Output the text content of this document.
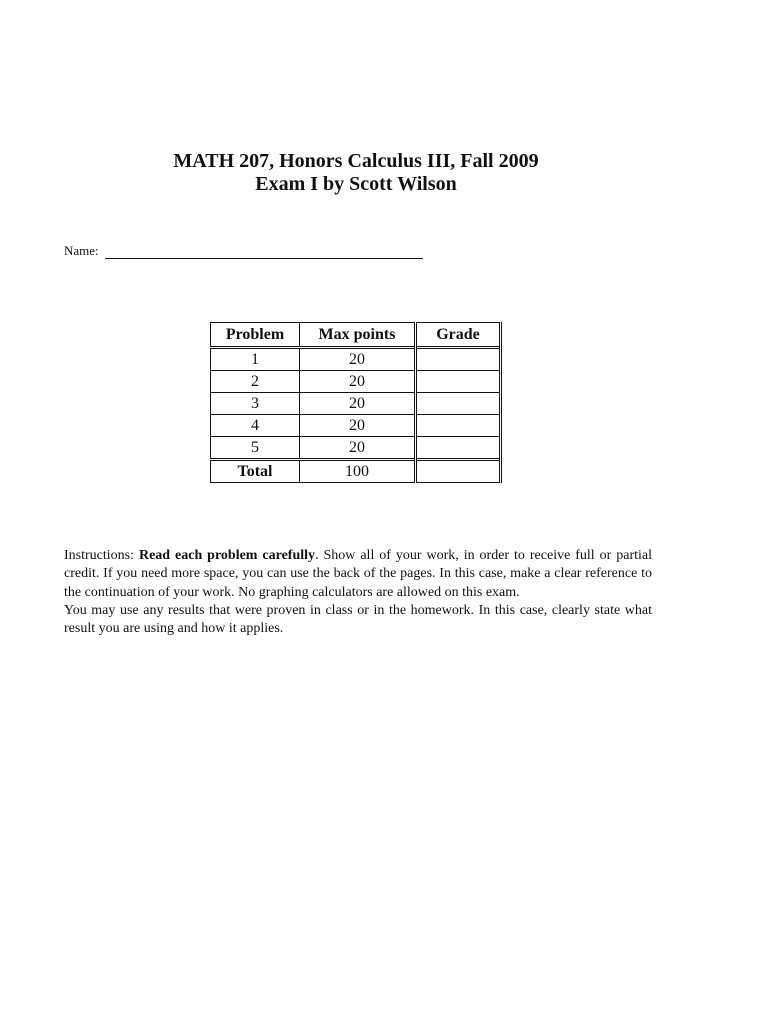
MATH 207, Honors Calculus III, Fall 2009
Exam I by Scott Wilson
Name:
Problem	Max points	Grade
1	20	
2	20	
3	20	
4	20	
5	20	
Total	100	

Instructions: Read each problem carefully. Show all of your work, in order to receive full or partial credit. If you need more space, you can use the back of the pages. In this case, make a clear reference to the continuation of your work. No graphing calculators are allowed on this exam.

You may use any results that were proven in class or in the homework. In this case, clearly state what result you are using and how it applies.
